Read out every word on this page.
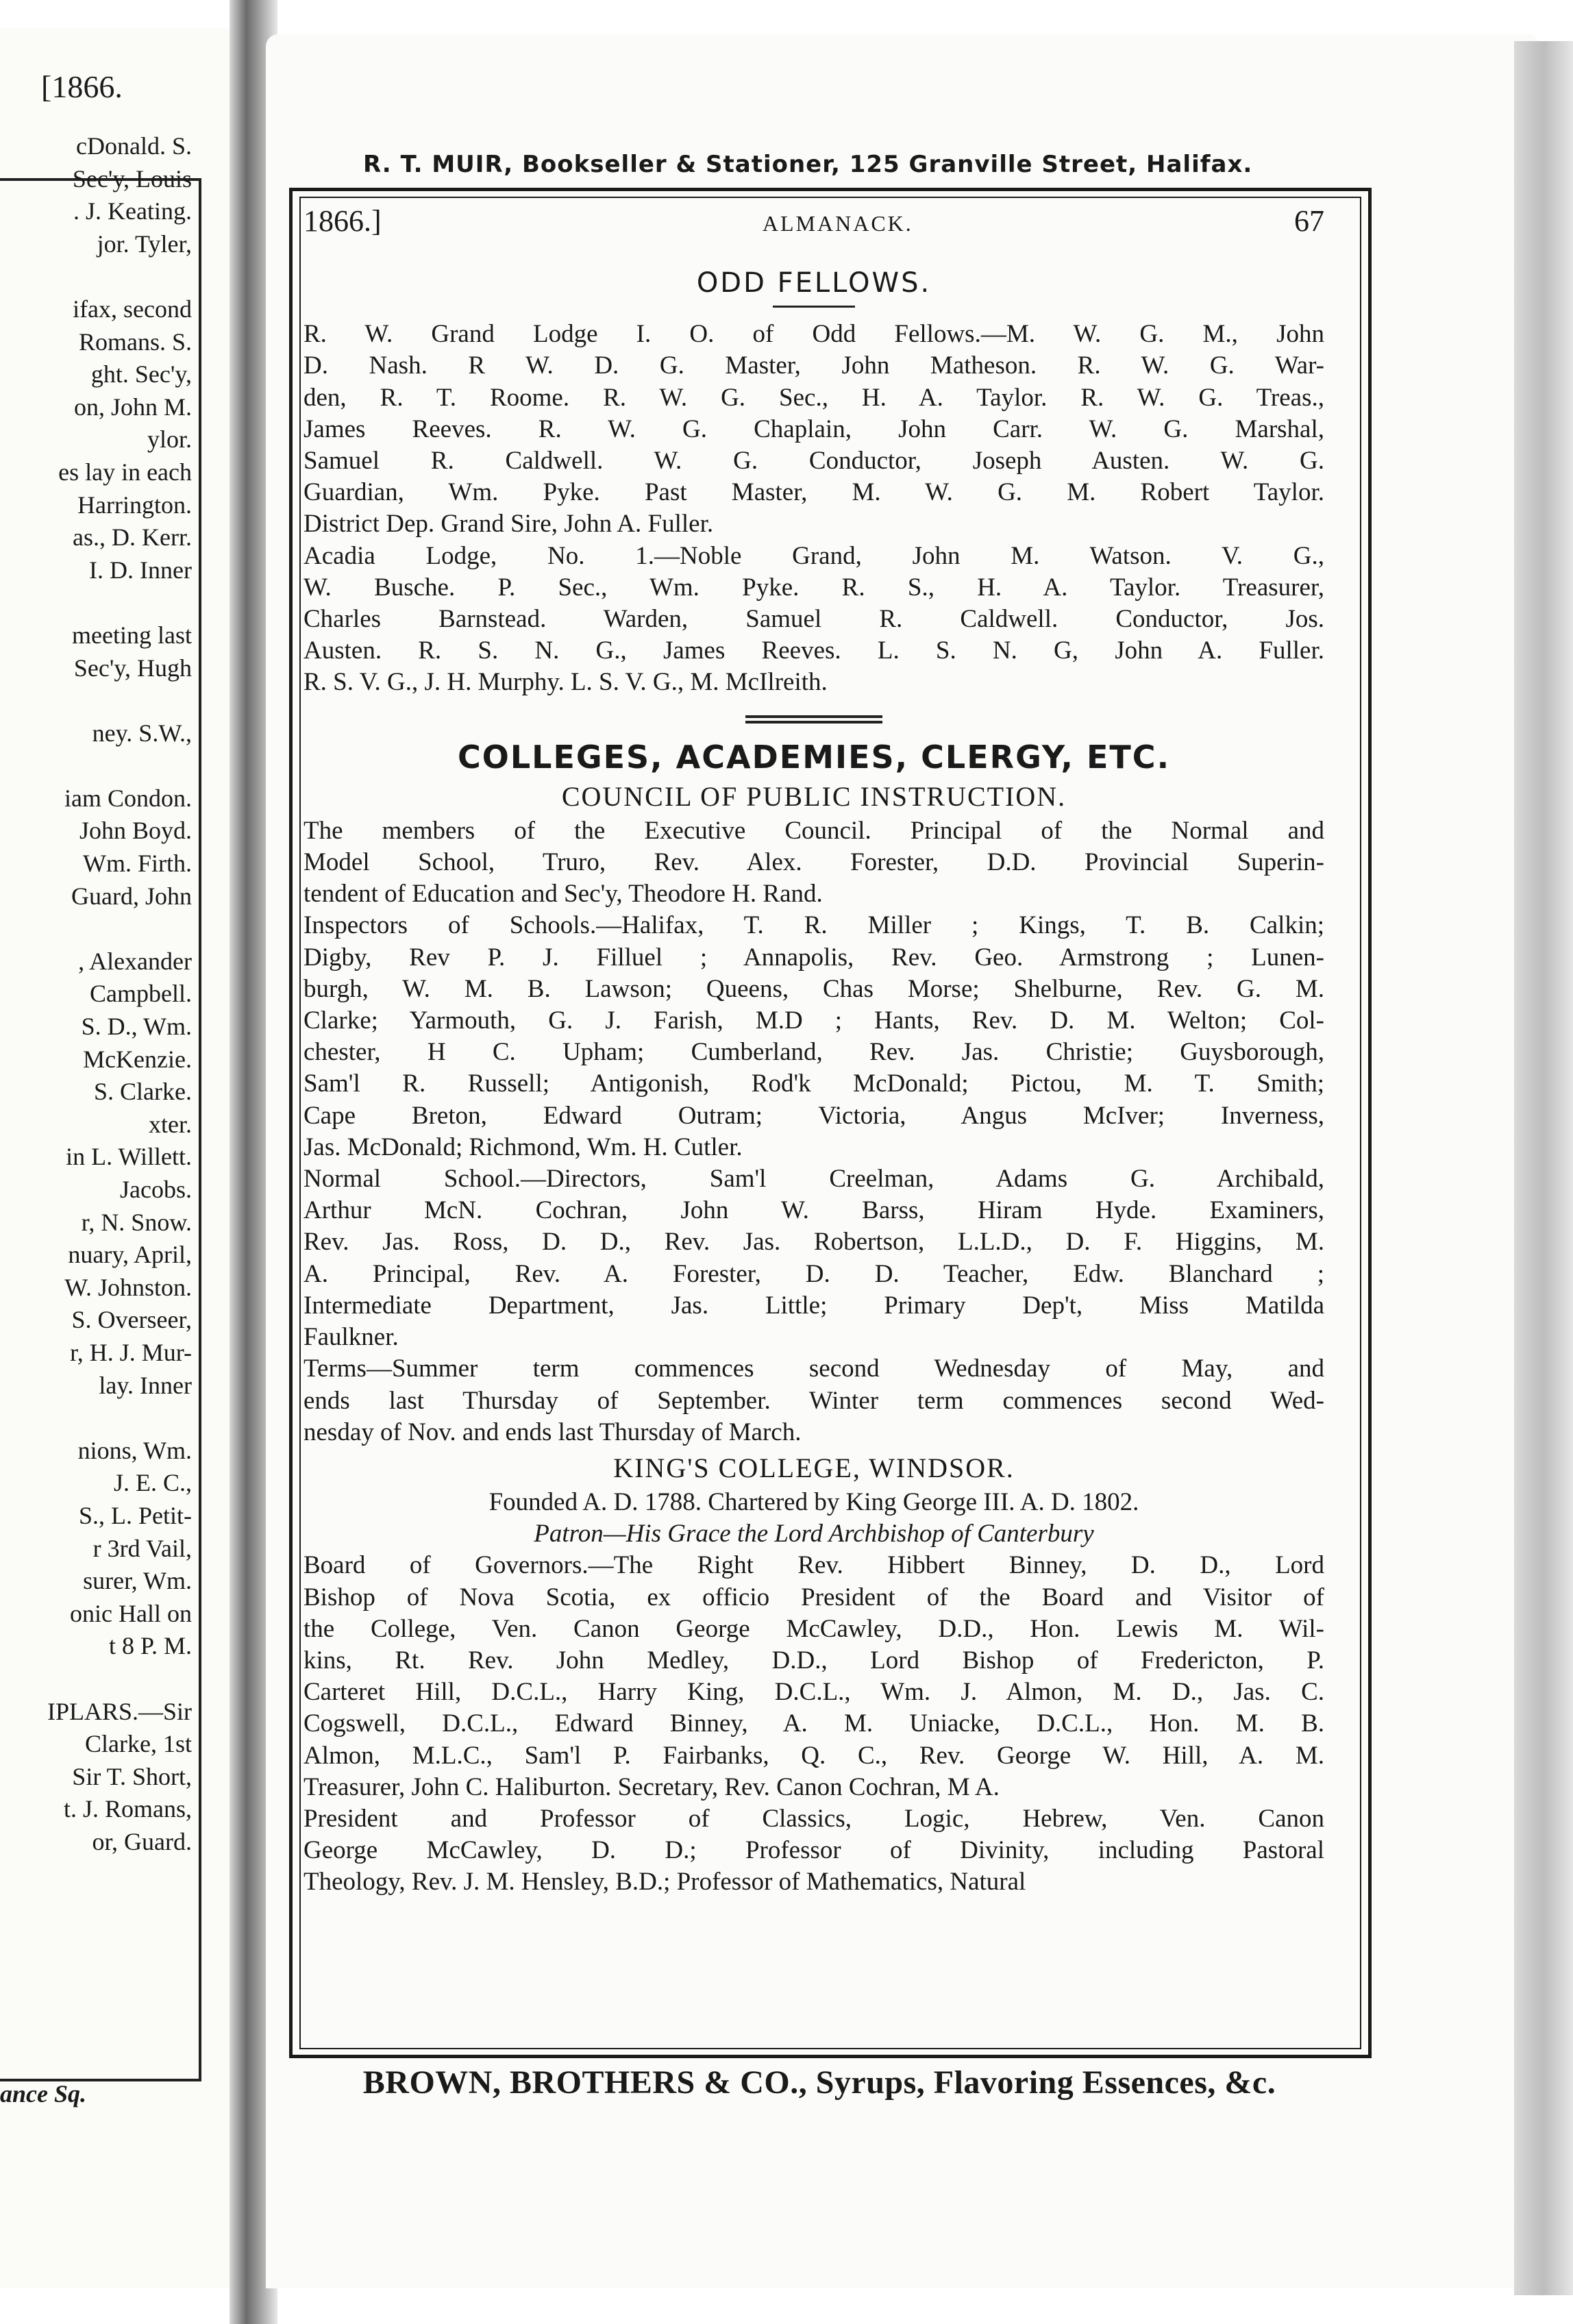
[1866.
cDonald. S.
Sec'y, Louis
. J. Keating.
jor. Tyler,

ifax, second
Romans. S.
ght. Sec'y,
on, John M.
ylor.
es lay in each
Harrington.
as., D. Kerr.
I. D. Inner

meeting last
Sec'y, Hugh

ney. S.W.,

iam Condon.
John Boyd.
Wm. Firth.
Guard, John

, Alexander
Campbell.
S. D., Wm.
McKenzie.
S. Clarke.
xter.
in L. Willett.
Jacobs.
r, N. Snow.
nuary, April,
W. Johnston.
S. Overseer,
r, H. J. Mur-
lay. Inner

nions, Wm.
J. E. C.,
S., L. Petit-
r 3rd Vail,
surer, Wm.
onic Hall on
t 8 P. M.

IPLARS.—Sir
Clarke, 1st
Sir T. Short,
t. J. Romans,
or, Guard.
ance Sq.
R. T. MUIR, Bookseller & Stationer, 125 Granville Street, Halifax.
1866.]	ALMANACK.	67
ODD FELLOWS.
R. W. Grand Lodge I. O. of Odd Fellows.—M. W. G. M., John
D. Nash. R W. D. G. Master, John Matheson. R. W. G. War-
den, R. T. Roome. R. W. G. Sec., H. A. Taylor. R. W. G. Treas.,
James Reeves. R. W. G. Chaplain, John Carr. W. G. Marshal,
Samuel R. Caldwell. W. G. Conductor, Joseph Austen. W. G.
Guardian, Wm. Pyke. Past Master, M. W. G. M. Robert Taylor.
District Dep. Grand Sire, John A. Fuller.
Acadia Lodge, No. 1.—Noble Grand, John M. Watson. V. G.,
W. Busche. P. Sec., Wm. Pyke. R. S., H. A. Taylor. Treasurer,
Charles Barnstead. Warden, Samuel R. Caldwell. Conductor, Jos.
Austen. R. S. N. G., James Reeves. L. S. N. G, John A. Fuller.
R. S. V. G., J. H. Murphy. L. S. V. G., M. McIlreith.
COLLEGES, ACADEMIES, CLERGY, ETC.
COUNCIL OF PUBLIC INSTRUCTION.
The members of the Executive Council. Principal of the Normal and
Model School, Truro, Rev. Alex. Forester, D.D. Provincial Superin-
tendent of Education and Sec'y, Theodore H. Rand.
Inspectors of Schools.—Halifax, T. R. Miller ; Kings, T. B. Calkin;
Digby, Rev P. J. Filluel ; Annapolis, Rev. Geo. Armstrong ; Lunen-
burgh, W. M. B. Lawson; Queens, Chas Morse; Shelburne, Rev. G. M.
Clarke; Yarmouth, G. J. Farish, M.D ; Hants, Rev. D. M. Welton; Col-
chester, H C. Upham; Cumberland, Rev. Jas. Christie; Guysborough,
Sam'l R. Russell; Antigonish, Rod'k McDonald; Pictou, M. T. Smith;
Cape Breton, Edward Outram; Victoria, Angus McIver; Inverness,
Jas. McDonald; Richmond, Wm. H. Cutler.
Normal School.—Directors, Sam'l Creelman, Adams G. Archibald,
Arthur McN. Cochran, John W. Barss, Hiram Hyde. Examiners,
Rev. Jas. Ross, D. D., Rev. Jas. Robertson, L.L.D., D. F. Higgins, M.
A. Principal, Rev. A. Forester, D. D. Teacher, Edw. Blanchard ;
Intermediate Department, Jas. Little; Primary Dep't, Miss Matilda
Faulkner.
Terms—Summer term commences second Wednesday of May, and
ends last Thursday of September. Winter term commences second Wed-
nesday of Nov. and ends last Thursday of March.
KING'S COLLEGE, WINDSOR.
Founded A. D. 1788. Chartered by King George III. A. D. 1802.
Patron—His Grace the Lord Archbishop of Canterbury
Board of Governors.—The Right Rev. Hibbert Binney, D. D., Lord
Bishop of Nova Scotia, ex officio President of the Board and Visitor of
the College, Ven. Canon George McCawley, D.D., Hon. Lewis M. Wil-
kins, Rt. Rev. John Medley, D.D., Lord Bishop of Fredericton, P.
Carteret Hill, D.C.L., Harry King, D.C.L., Wm. J. Almon, M. D., Jas. C.
Cogswell, D.C.L., Edward Binney, A. M. Uniacke, D.C.L., Hon. M. B.
Almon, M.L.C., Sam'l P. Fairbanks, Q. C., Rev. George W. Hill, A. M.
Treasurer, John C. Haliburton. Secretary, Rev. Canon Cochran, M A.
President and Professor of Classics, Logic, Hebrew, Ven. Canon
George McCawley, D. D.; Professor of Divinity, including Pastoral
Theology, Rev. J. M. Hensley, B.D.; Professor of Mathematics, Natural
BROWN, BROTHERS & CO., Syrups, Flavoring Essences, &c.
